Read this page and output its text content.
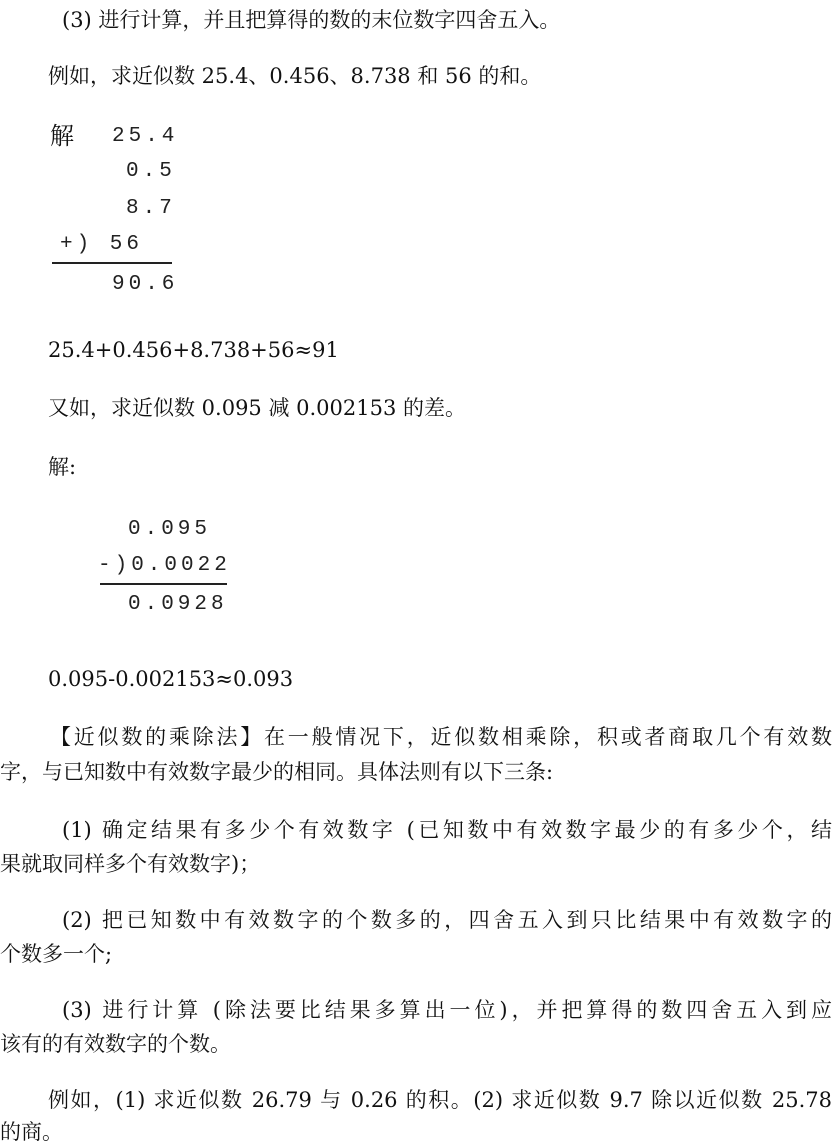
(3) 进行计算，并且把算得的数的末位数字四舍五入。
例如，求近似数 25.4、0.456、8.738 和 56 的和。
解 25.4
0.5
8.7
+) 56
90.6
25.4+0.456+8.738+56≈91
又如，求近似数 0.095 减 0.002153 的差。
解:
0.095
-)0.0022
0.0928
0.095-0.002153≈0.093
【近似数的乘除法】在一般情况下，近似数相乘除，积或者商取几个有效数
字，与已知数中有效数字最少的相同。具体法则有以下三条:
(1) 确定结果有多少个有效数字 (已知数中有效数字最少的有多少个，结
果就取同样多个有效数字)；
(2) 把已知数中有效数字的个数多的，四舍五入到只比结果中有效数字的
个数多一个;
(3) 进行计算 (除法要比结果多算出一位)，并把算得的数四舍五入到应
该有的有效数字的个数。
例如，(1) 求近似数 26.79 与 0.26 的积。(2) 求近似数 9.7 除以近似数 25.78
的商。
